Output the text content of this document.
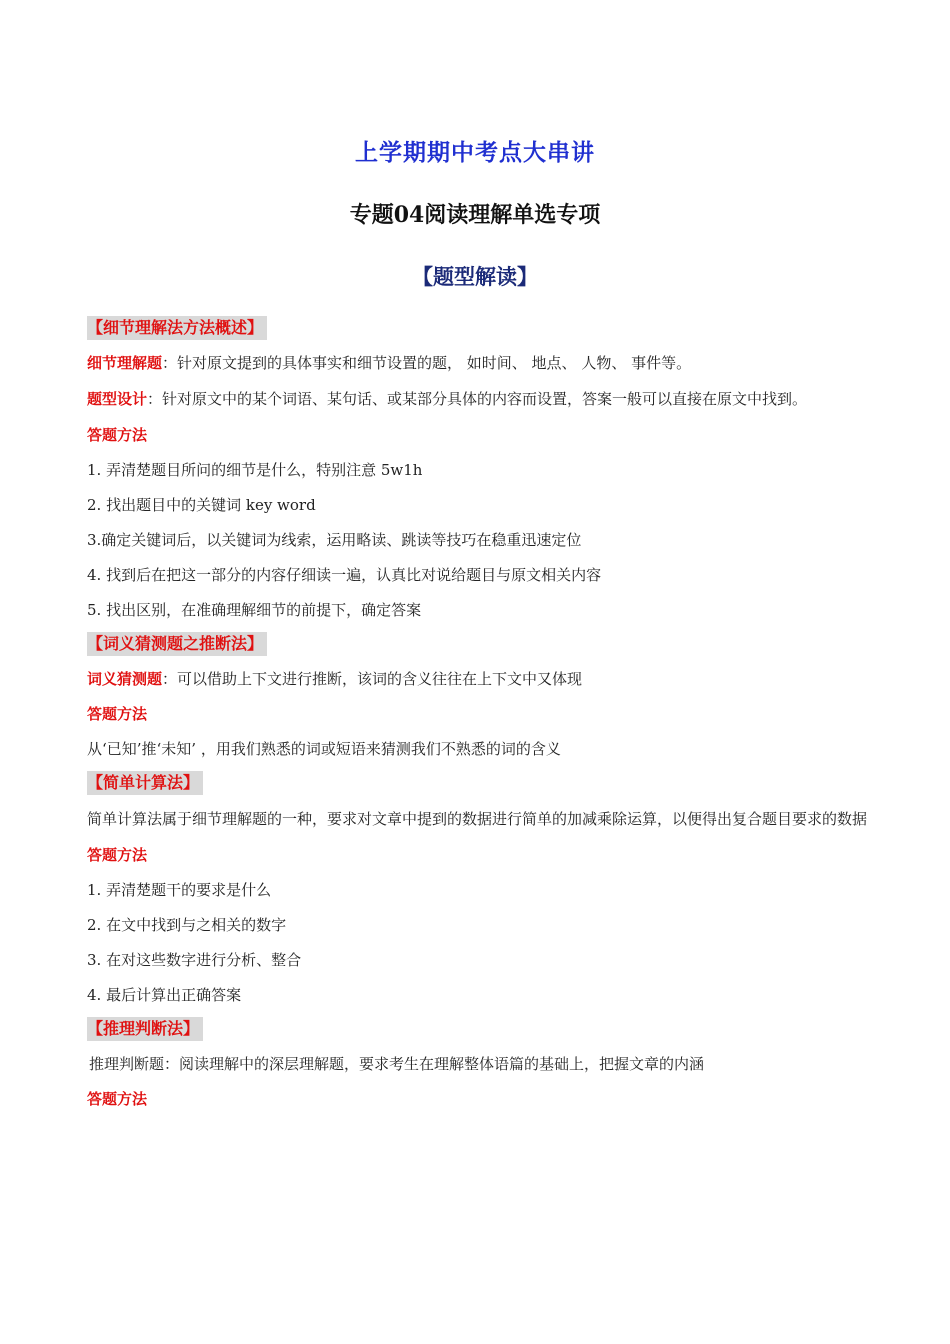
上学期期中考点大串讲
专题04阅读理解单选专项
【题型解读】
【细节理解法方法概述】

细节理解题：针对原文提到的具体事实和细节设置的题， 如时间、 地点、 人物、 事件等。

题型设计：针对原文中的某个词语、某句话、或某部分具体的内容而设置，答案一般可以直接在原文中找到。

答题方法

1. 弄清楚题目所问的细节是什么，特别注意 5w1h

2. 找出题目中的关键词 key word

3.确定关键词后，以关键词为线索，运用略读、跳读等技巧在稳重迅速定位

4. 找到后在把这一部分的内容仔细读一遍，认真比对说给题目与原文相关内容

5. 找出区别，在准确理解细节的前提下，确定答案

【词义猜测题之推断法】

词义猜测题：可以借助上下文进行推断，该词的含义往往在上下文中又体现

答题方法

从‘已知’推‘未知’ ，用我们熟悉的词或短语来猜测我们不熟悉的词的含义

【简单计算法】

简单计算法属于细节理解题的一种，要求对文章中提到的数据进行简单的加减乘除运算，以便得出复合题目要求的数据

答题方法

1. 弄清楚题干的要求是什么

2. 在文中找到与之相关的数字

3. 在对这些数字进行分析、整合

4. 最后计算出正确答案

【推理判断法】

推理判断题：阅读理解中的深层理解题，要求考生在理解整体语篇的基础上，把握文章的内涵

答题方法
